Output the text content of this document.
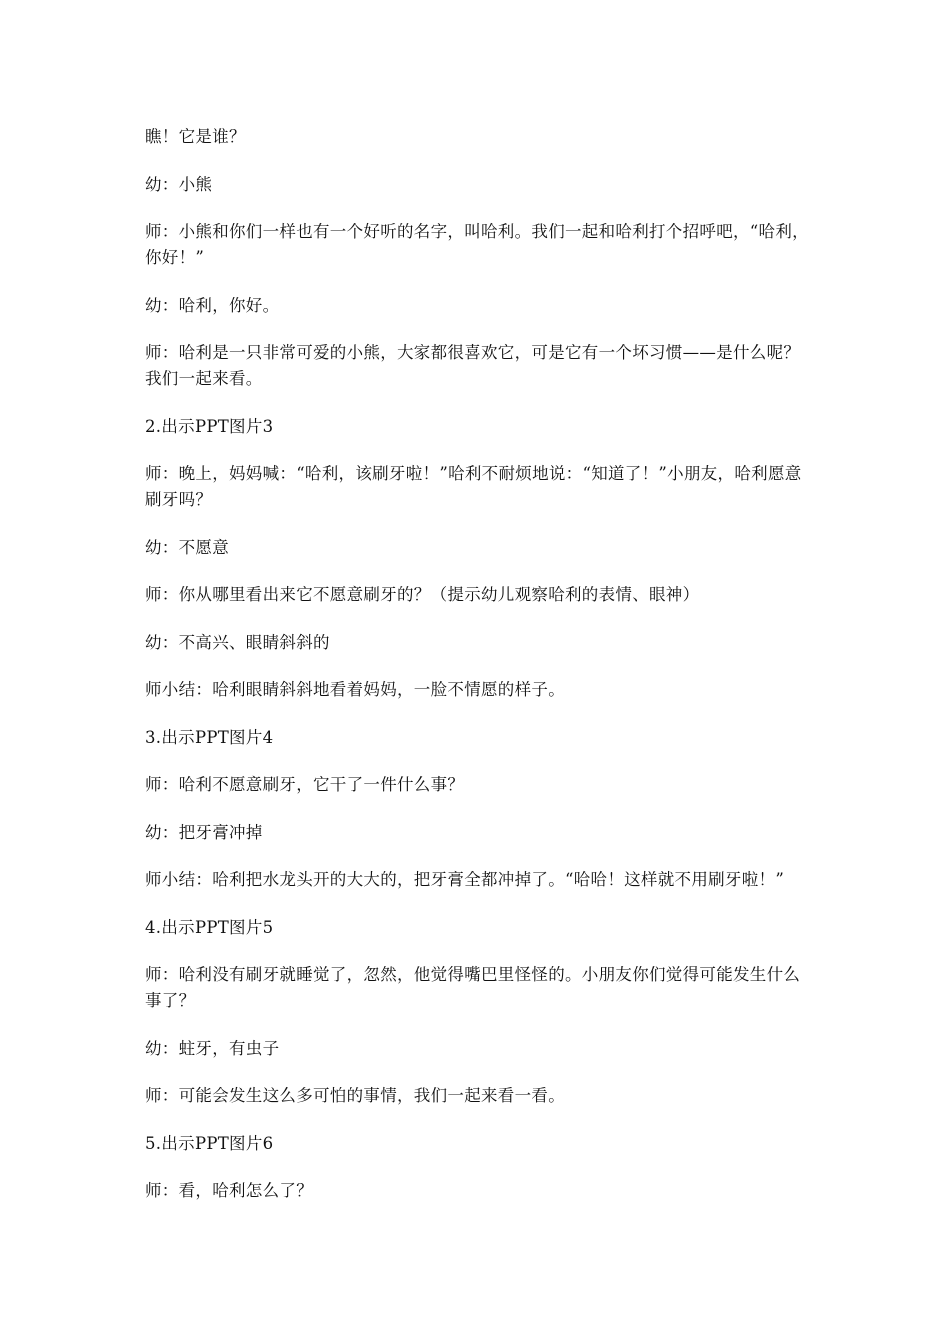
瞧！它是谁？

幼：小熊

师：小熊和你们一样也有一个好听的名字，叫哈利。我们一起和哈利打个招呼吧，“哈利，你好！”

幼：哈利，你好。

师：哈利是一只非常可爱的小熊，大家都很喜欢它，可是它有一个坏习惯——是什么呢？我们一起来看。

2.出示PPT图片3

师：晚上，妈妈喊：“哈利，该刷牙啦！”哈利不耐烦地说：“知道了！”小朋友，哈利愿意刷牙吗？

幼：不愿意

师：你从哪里看出来它不愿意刷牙的？（提示幼儿观察哈利的表情、眼神）

幼：不高兴、眼睛斜斜的

师小结：哈利眼睛斜斜地看着妈妈，一脸不情愿的样子。

3.出示PPT图片4

师：哈利不愿意刷牙，它干了一件什么事？

幼：把牙膏冲掉

师小结：哈利把水龙头开的大大的，把牙膏全都冲掉了。“哈哈！这样就不用刷牙啦！”

4.出示PPT图片5

师：哈利没有刷牙就睡觉了，忽然，他觉得嘴巴里怪怪的。小朋友你们觉得可能发生什么事了？

幼：蛀牙，有虫子

师：可能会发生这么多可怕的事情，我们一起来看一看。

5.出示PPT图片6

师：看，哈利怎么了？
